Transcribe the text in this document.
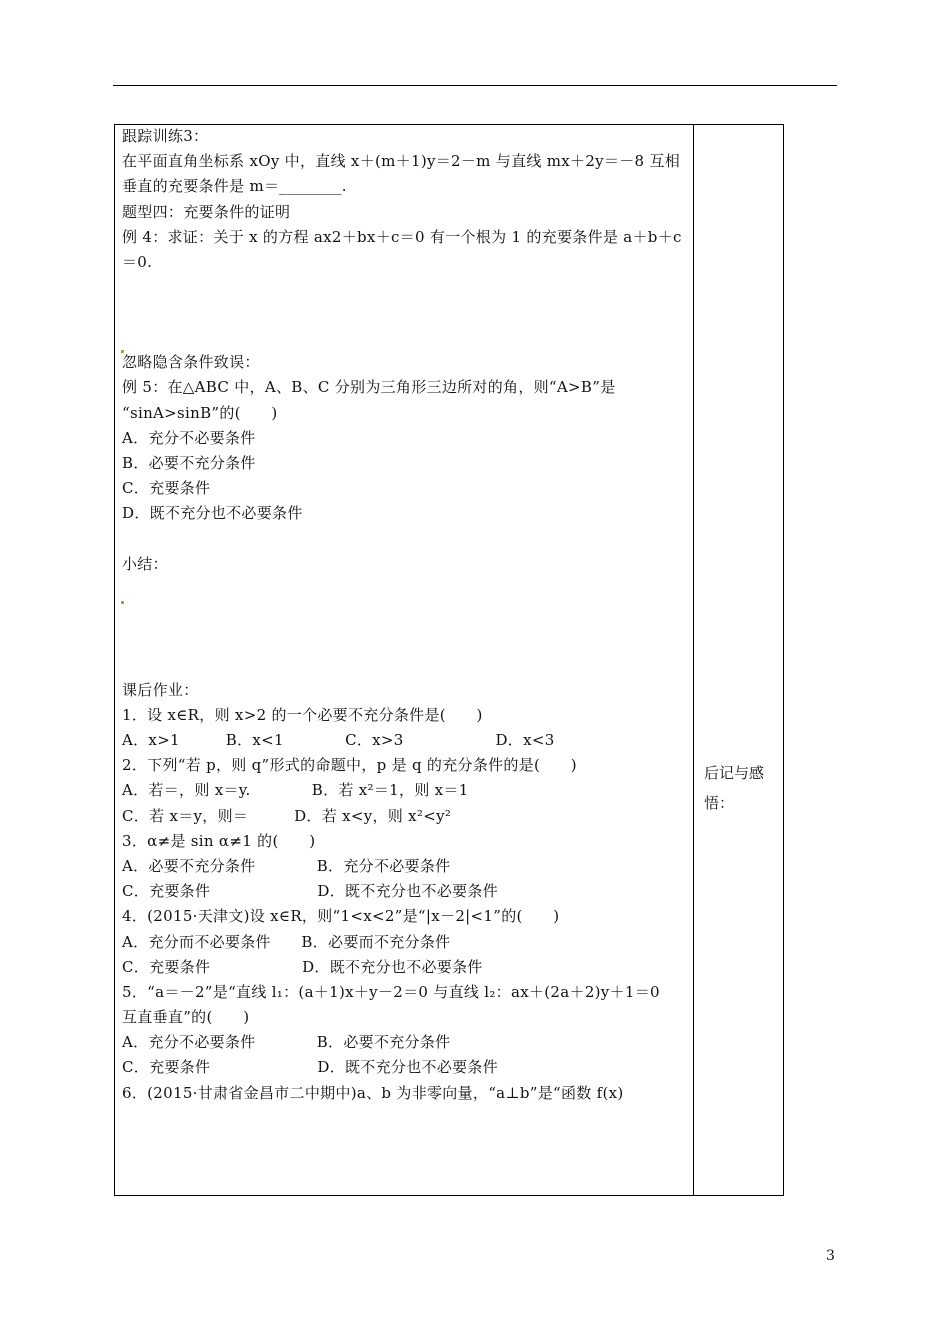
跟踪训练3：
在平面直角坐标系 xOy 中，直线 x＋(m＋1)y＝2－m 与直线 mx＋2y＝－8 互相
垂直的充要条件是 m＝________.
题型四：充要条件的证明
例 4：求证：关于 x 的方程 ax2＋bx＋c＝0 有一个根为 1 的充要条件是 a＋b＋c
＝0.
忽略隐含条件致误：
例 5：在△ABC 中，A、B、C 分别为三角形三边所对的角，则“A>B”是
“sinA>sinB”的(　　)
A．充分不必要条件
B．必要不充分条件
C．充要条件
D．既不充分也不必要条件
小结：
课后作业：
1．设 x∈R，则 x>2 的一个必要不充分条件是(　　)
A．x>1　　　B．x<1　　　　C．x>3　　　　　　D．x<3
2．下列“若 p，则 q”形式的命题中，p 是 q 的充分条件的是(　　)
A．若＝，则 x＝y.　　　　B．若 x²＝1，则 x＝1
C．若 x＝y，则＝　　　D．若 x<y，则 x²<y²
3．α≠是 sin α≠1 的(　　)
A．必要不充分条件　　　　B．充分不必要条件
C．充要条件　　　　　　　D．既不充分也不必要条件
4．(2015·天津文)设 x∈R，则“1<x<2”是“|x－2|<1”的(　　)
A．充分而不必要条件　　B．必要而不充分条件
C．充要条件　　　　　　D．既不充分也不必要条件
5．“a＝－2”是“直线 l₁：(a＋1)x＋y－2＝0 与直线 l₂：ax＋(2a＋2)y＋1＝0
互直垂直”的(　　)
A．充分不必要条件　　　　B．必要不充分条件
C．充要条件　　　　　　　D．既不充分也不必要条件
6．(2015·甘肃省金昌市二中期中)a、b 为非零向量，“a⊥b”是“函数 f(x)
后记与感
悟：
3
